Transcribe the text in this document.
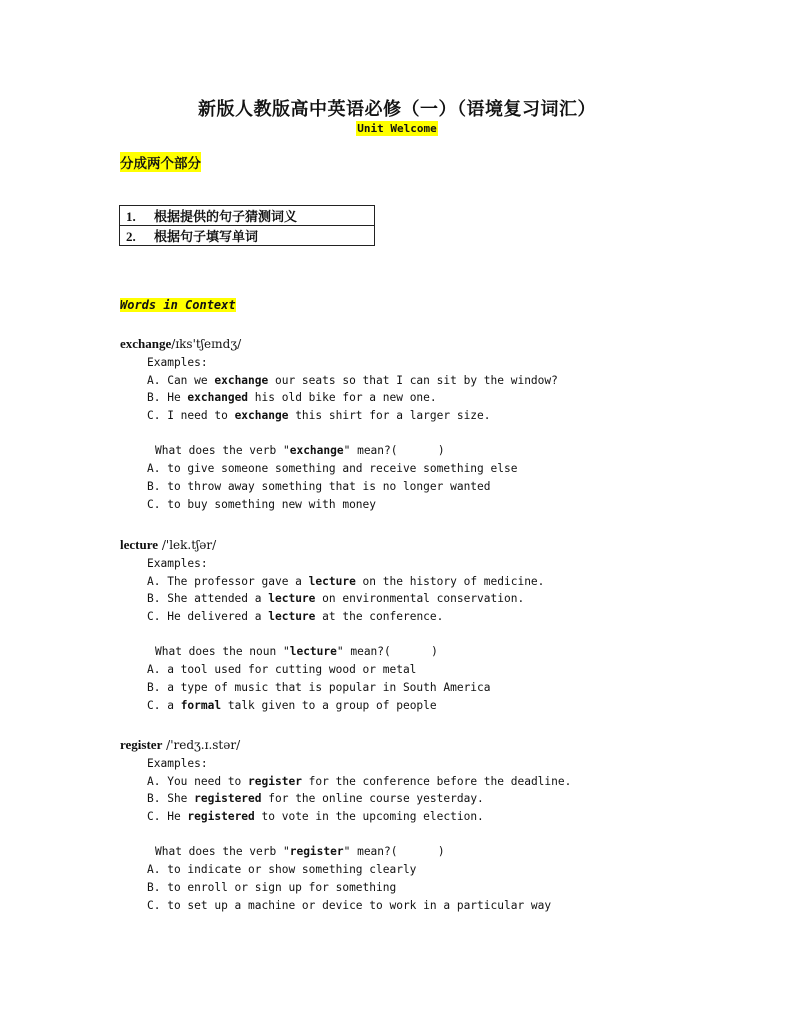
新版人教版高中英语必修（一）（语境复习词汇）
Unit Welcome
分成两个部分
1. 根据提供的句子猜测词义
2. 根据句子填写单词
Words in Context
exchange/ɪks'tʃeɪndʒ/
Examples:
A. Can we exchange our seats so that I can sit by the window?
B. He exchanged his old bike for a new one.
C. I need to exchange this shirt for a larger size.
What does the verb "exchange" mean?(      )
A. to give someone something and receive something else
B. to throw away something that is no longer wanted
C. to buy something new with money
lecture /'lek.tʃər/
Examples:
A. The professor gave a lecture on the history of medicine.
B. She attended a lecture on environmental conservation.
C. He delivered a lecture at the conference.
What does the noun "lecture" mean?(      )
A. a tool used for cutting wood or metal
B. a type of music that is popular in South America
C. a formal talk given to a group of people
register /'redʒ.ɪ.stər/
Examples:
A. You need to register for the conference before the deadline.
B. She registered for the online course yesterday.
C. He registered to vote in the upcoming election.
What does the verb "register" mean?(      )
A. to indicate or show something clearly
B. to enroll or sign up for something
C. to set up a machine or device to work in a particular way
